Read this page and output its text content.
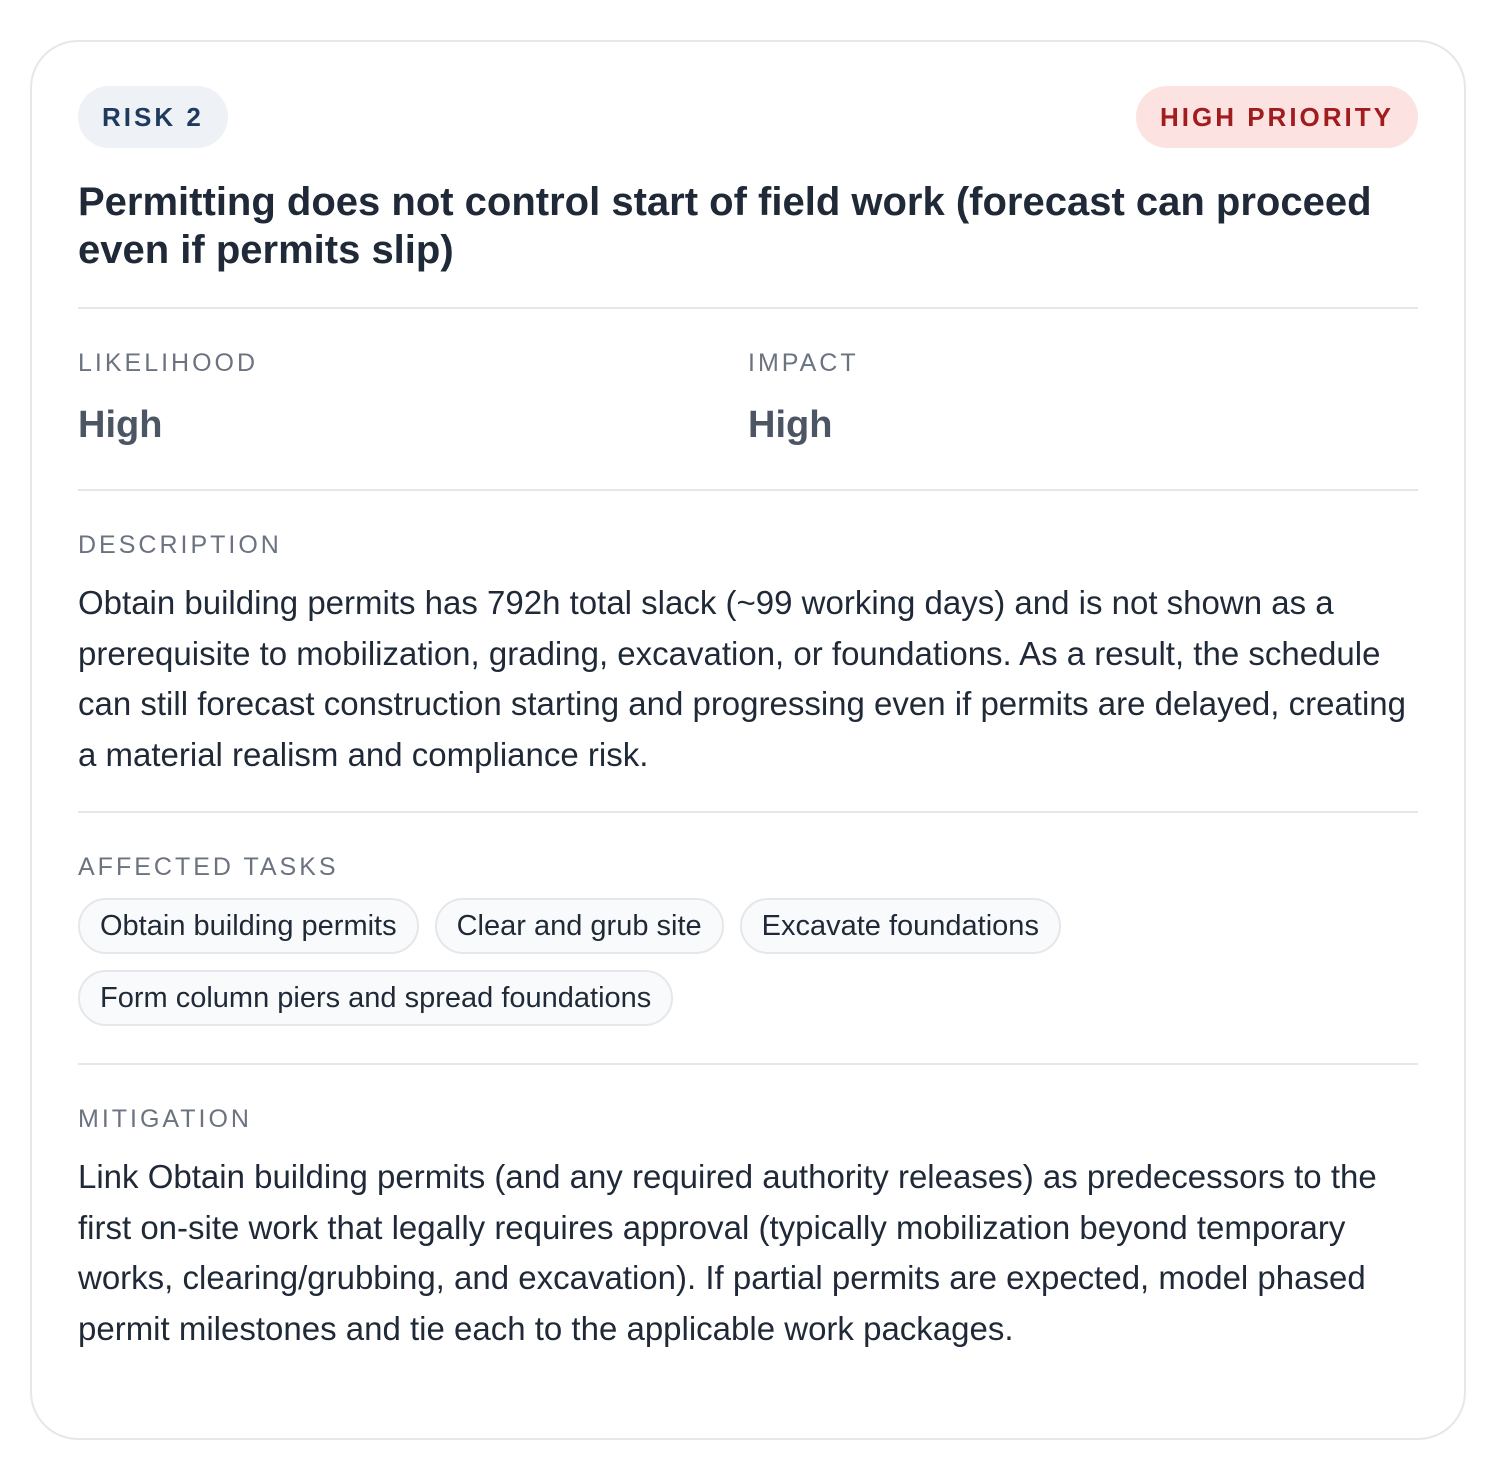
RISK 2	HIGH PRIORITY
Permitting does not control start of field work (forecast can proceed even if permits slip)
LIKELIHOOD
High
IMPACT
High
DESCRIPTION
Obtain building permits has 792h total slack (~99 working days) and is not shown as a prerequisite to mobilization, grading, excavation, or foundations. As a result, the schedule can still forecast construction starting and progressing even if permits are delayed, creating a material realism and compliance risk.
AFFECTED TASKS
Obtain building permits	Clear and grub site	Excavate foundations
Form column piers and spread foundations
MITIGATION
Link Obtain building permits (and any required authority releases) as predecessors to the first on-site work that legally requires approval (typically mobilization beyond temporary works, clearing/grubbing, and excavation). If partial permits are expected, model phased permit milestones and tie each to the applicable work packages.
